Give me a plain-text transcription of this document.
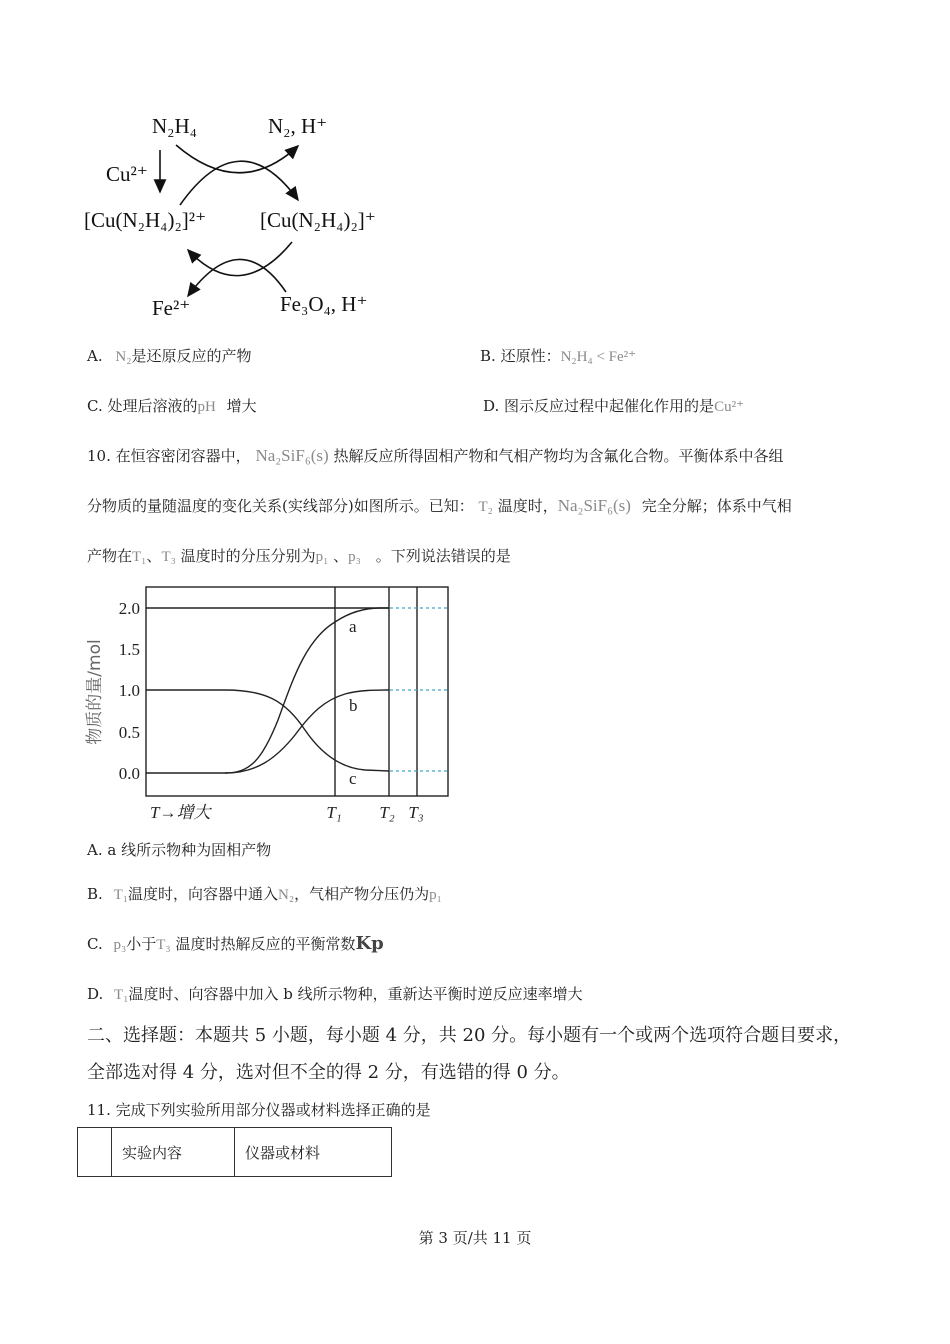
N₂H₄	N₂, H⁺
Cu²⁺
[Cu(N₂H₄)₂]²⁺	[Cu(N₂H₄)₂]⁺
Fe²⁺	Fe₃O₄, H⁺
A. N₂是还原反应的产物	B. 还原性：N₂H₄ < Fe²⁺
C. 处理后溶液的pH 增大	D. 图示反应过程中起催化作用的是Cu²⁺
10. 在恒容密闭容器中， Na₂SiF₆(s) 热解反应所得固相产物和气相产物均为含氟化合物。平衡体系中各组
分物质的量随温度的变化关系(实线部分)如图所示。已知： T₂ 温度时，Na₂SiF₆(s) 完全分解；体系中气相
产物在T₁、T₃ 温度时的分压分别为p₁ 、p₃ 。下列说法错误的是
2.0
1.5
1.0
0.5
0.0
物质的量/mol
T→增大	T₁ T₂ T₃
a
b
c
A. a 线所示物种为固相产物
B. T₁温度时，向容器中通入N₂，气相产物分压仍为p₁
C. p₃小于T₃ 温度时热解反应的平衡常数Kp
D. T₁温度时、向容器中加入 b 线所示物种，重新达平衡时逆反应速率增大
二、选择题：本题共 5 小题，每小题 4 分，共 20 分。每小题有一个或两个选项符合题目要求，
全部选对得 4 分，选对但不全的得 2 分，有选错的得 0 分。
11. 完成下列实验所用部分仪器或材料选择正确的是
	实验内容	仪器或材料
第 3 页/共 11 页
